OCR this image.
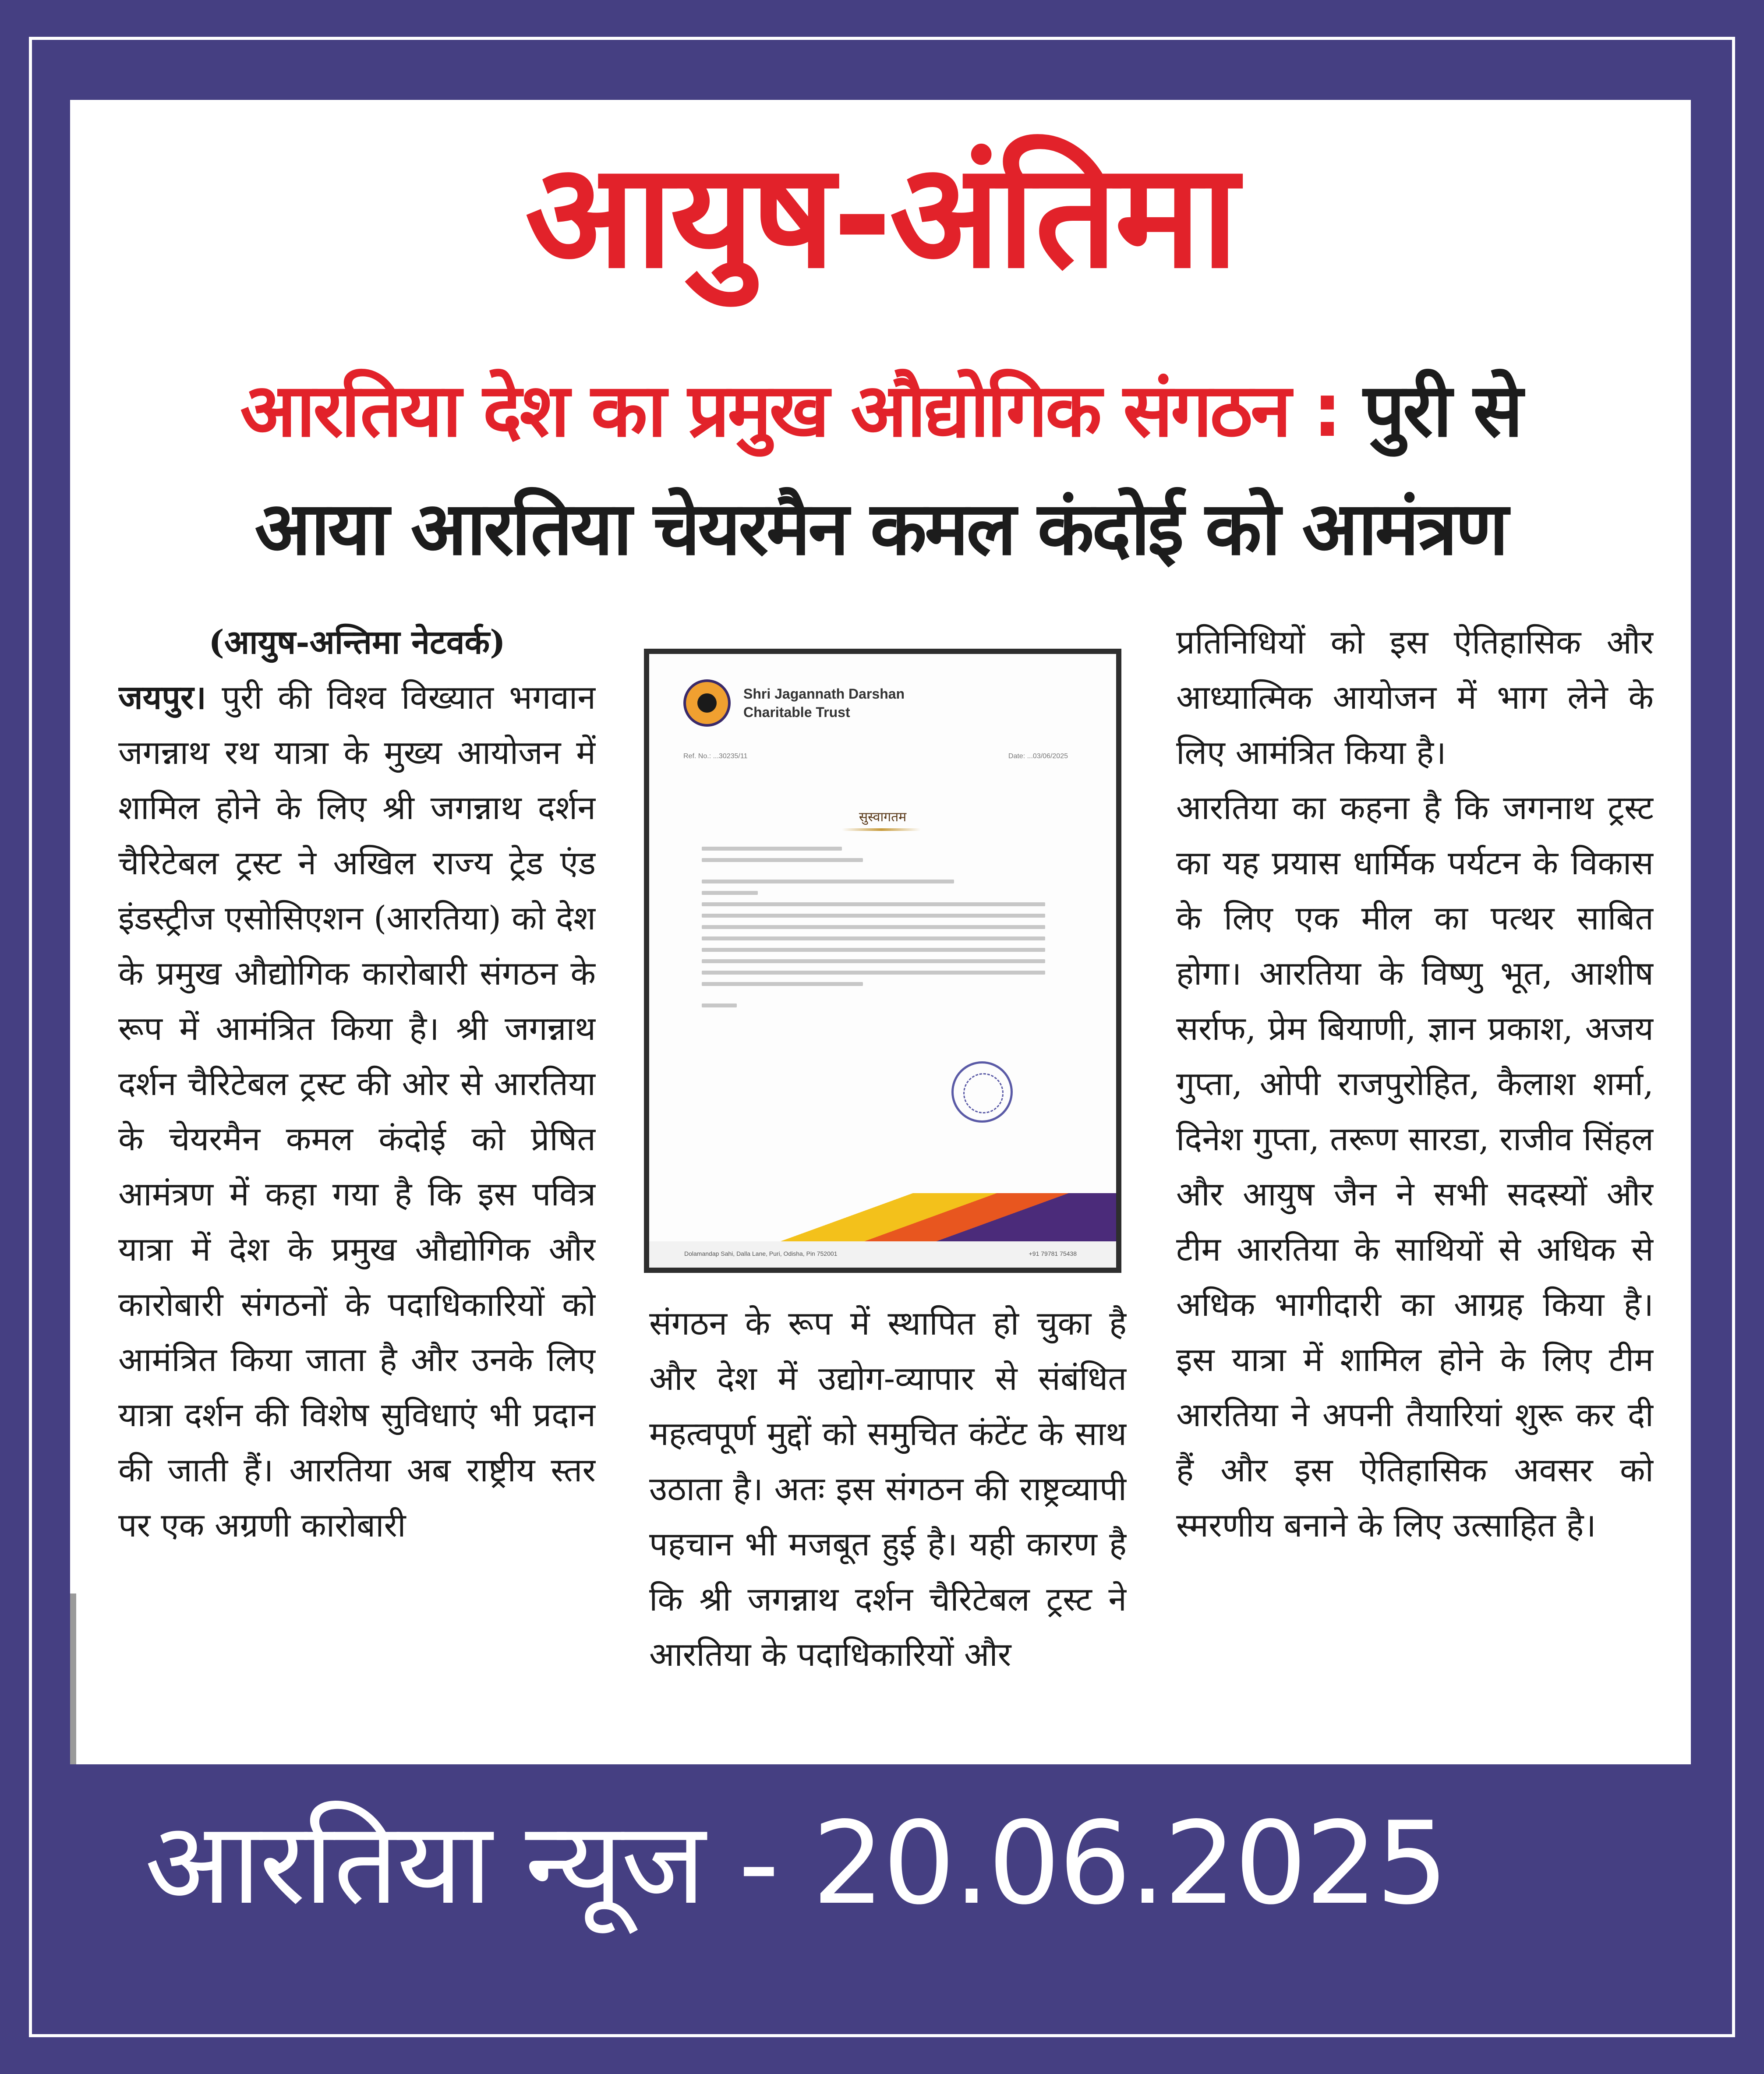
आयुष-अंतिमा
आरतिया देश का प्रमुख औद्योगिक संगठन : पुरी से
आया आरतिया चेयरमैन कमल कंदोई को आमंत्रण

(आयुष-अन्तिमा नेटवर्क)
जयपुर। पुरी की विश्व विख्यात भगवान जगन्नाथ रथ यात्रा के मुख्य आयोजन में शामिल होने के लिए श्री जगन्नाथ दर्शन चैरिटेबल ट्रस्ट ने अखिल राज्य ट्रेड एंड इंडस्ट्रीज एसोसिएशन (आरतिया) को देश के प्रमुख औद्योगिक कारोबारी संगठन के रूप में आमंत्रित किया है। श्री जगन्नाथ दर्शन चैरिटेबल ट्रस्ट की ओर से आरतिया के चेयरमैन कमल कंदोई को प्रेषित आमंत्रण में कहा गया है कि इस पवित्र यात्रा में देश के प्रमुख औद्योगिक और कारोबारी संगठनों के पदाधिकारियों को आमंत्रित किया जाता है और उनके लिए यात्रा दर्शन की विशेष सुविधाएं भी प्रदान की जाती हैं। आरतिया अब राष्ट्रीय स्तर पर एक अग्रणी कारोबारी

Shri Jagannath Darshan
Charitable Trust
Ref. No.: ...30235/11	Date: ...03/06/2025
सुस्वागतम
Dolamandap Sahi, Dalla Lane, Puri, Odisha, Pin 752001	+91 79781 75438

संगठन के रूप में स्थापित हो चुका है और देश में उद्योग-व्यापार से संबंधित महत्वपूर्ण मुद्दों को समुचित कंटेंट के साथ उठाता है। अतः इस संगठन की राष्ट्रव्यापी पहचान भी मजबूत हुई है। यही कारण है कि श्री जगन्नाथ दर्शन चैरिटेबल ट्रस्ट ने आरतिया के पदाधिकारियों और

प्रतिनिधियों को इस ऐतिहासिक और आध्यात्मिक आयोजन में भाग लेने के लिए आमंत्रित किया है।

आरतिया का कहना है कि जगनाथ ट्रस्ट का यह प्रयास धार्मिक पर्यटन के विकास के लिए एक मील का पत्थर साबित होगा। आरतिया के विष्णु भूत, आशीष सर्राफ, प्रेम बियाणी, ज्ञान प्रकाश, अजय गुप्ता, ओपी राजपुरोहित, कैलाश शर्मा, दिनेश गुप्ता, तरूण सारडा, राजीव सिंहल और आयुष जैन ने सभी सदस्यों और टीम आरतिया के साथियों से अधिक से अधिक भागीदारी का आग्रह किया है। इस यात्रा में शामिल होने के लिए टीम आरतिया ने अपनी तैयारियां शुरू कर दी हैं और इस ऐतिहासिक अवसर को स्मरणीय बनाने के लिए उत्साहित है।

आरतिया न्यूज - 20.06.2025
